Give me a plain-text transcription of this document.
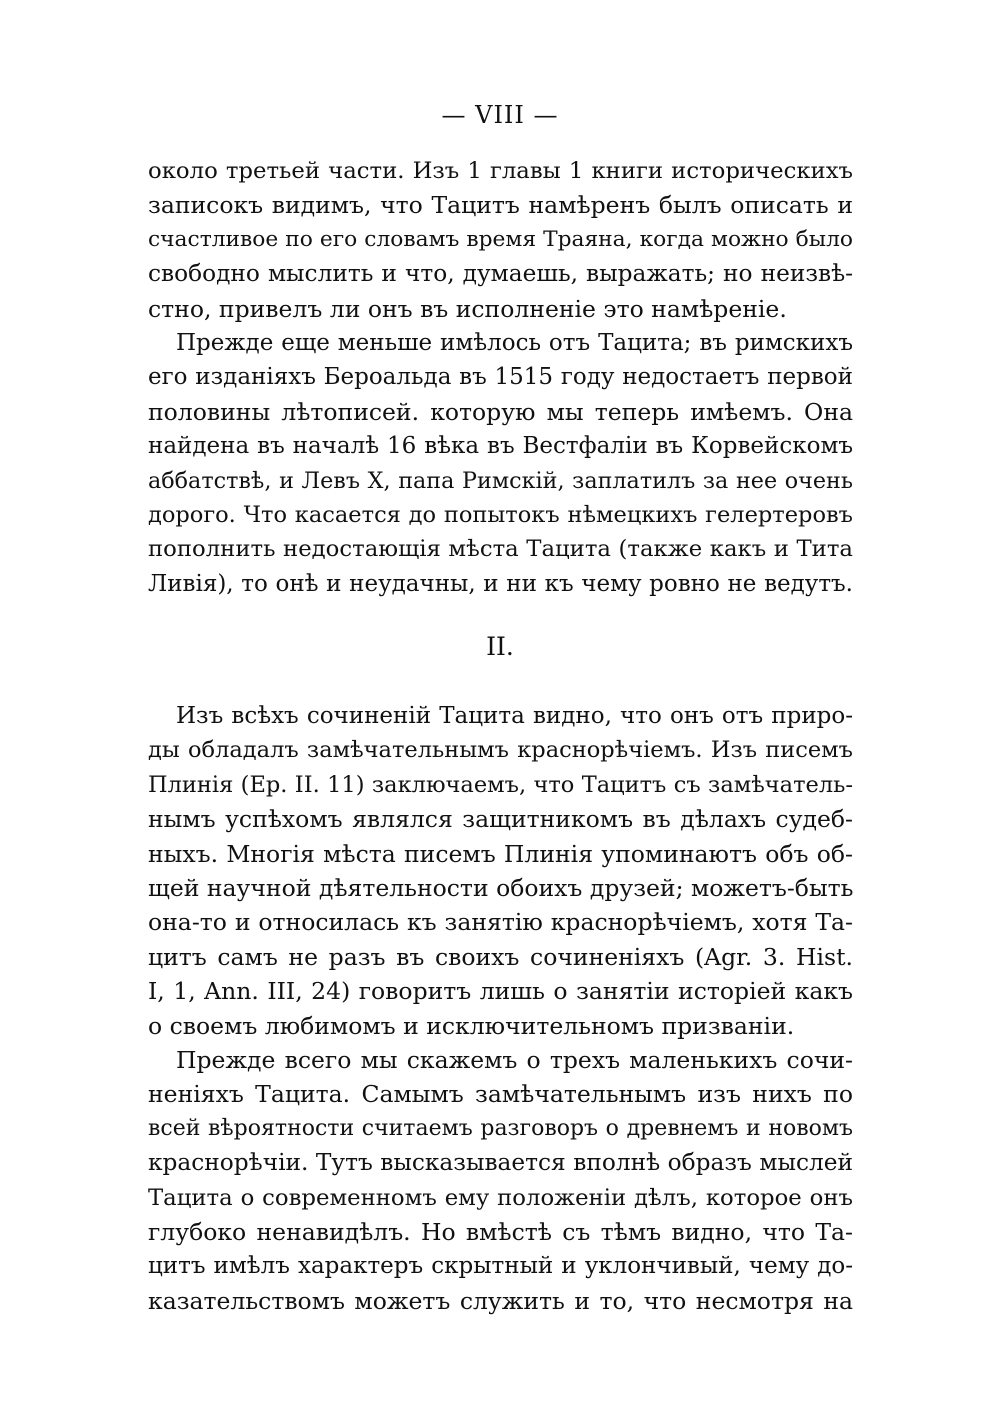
— VIII —
около третьей части. Изъ 1 главы 1 книги историческихъ
записокъ видимъ, что Тацитъ намѣренъ былъ описать и
счастливое по его словамъ время Траяна, когда можно было
свободно мыслить и что, думаешь, выражать; но неизвѣ-
стно, привелъ ли онъ въ исполненіе это намѣреніе.
Прежде еще меньше имѣлось отъ Тацита; въ римскихъ
его изданіяхъ Бероальда въ 1515 году недостаетъ первой
половины лѣтописей. которую мы теперь имѣемъ. Она
найдена въ началѣ 16 вѣка въ Вестфаліи въ Корвейскомъ
аббатствѣ, и Левъ X, папа Римскій, заплатилъ за нее очень
дорого. Что касается до попытокъ нѣмецкихъ гелертеровъ
пополнить недостающія мѣста Тацита (также какъ и Тита
Ливія), то онѣ и неудачны, и ни къ чему ровно не ведутъ.
II.
Изъ всѣхъ сочиненій Тацита видно, что онъ отъ приро-
ды обладалъ замѣчательнымъ краснорѣчіемъ. Изъ писемъ
Плинія (Ep. II. 11) заключаемъ, что Тацитъ съ замѣчатель-
нымъ успѣхомъ являлся защитникомъ въ дѣлахъ судеб-
ныхъ. Многія мѣста писемъ Плинія упоминаютъ объ об-
щей научной дѣятельности обоихъ друзей; можетъ-быть
она-то и относилась къ занятію краснорѣчіемъ, хотя Та-
цитъ самъ не разъ въ своихъ сочиненіяхъ (Agr. 3. Hist.
I, 1, Ann. III, 24) говоритъ лишь о занятіи исторіей какъ
о своемъ любимомъ и исключительномъ призваніи.
Прежде всего мы скажемъ о трехъ маленькихъ сочи-
неніяхъ Тацита. Самымъ замѣчательнымъ изъ нихъ по
всей вѣроятности считаемъ разговоръ о древнемъ и новомъ
краснорѣчіи. Тутъ высказывается вполнѣ образъ мыслей
Тацита о современномъ ему положеніи дѣлъ, которое онъ
глубоко ненавидѣлъ. Но вмѣстѣ съ тѣмъ видно, что Та-
цитъ имѣлъ характеръ скрытный и уклончивый, чему до-
казательствомъ можетъ служить и то, что несмотря на
